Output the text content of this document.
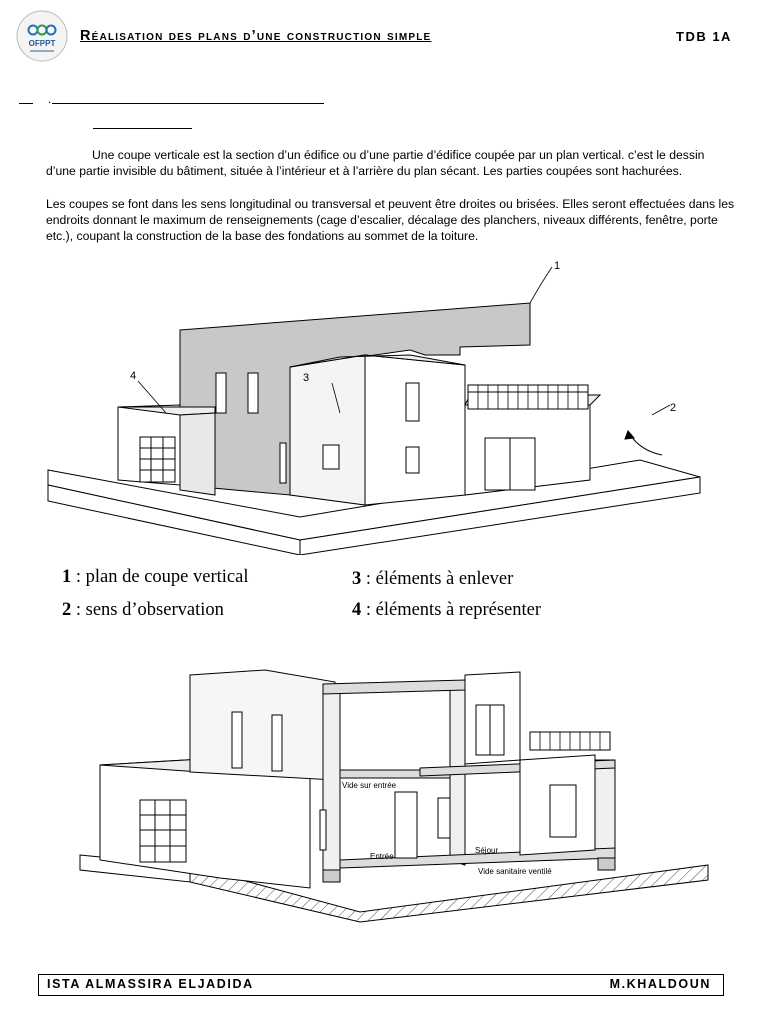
OFPPT Réalisation des plans d’une construction simple	TDB 1A
.
Une coupe verticale est la section d’un édifice ou d’une partie d’édifice coupée par un plan vertical. c’est le dessin d’une partie invisible du bâtiment, située à l’intérieur et à l’arrière du plan sécant. Les parties coupées sont hachurées.
Les coupes se font dans les sens longitudinal ou transversal et peuvent être droites ou brisées. Elles seront effectuées dans les endroits donnant le maximum de renseignements (cage d’escalier, décalage des planchers, niveaux différents, fenêtre, porte etc.), coupant la construction de la base des fondations au sommet de la toiture.
1
2
3
4
1 : plan de coupe vertical
2 : sens d’observation
3 : éléments à enlever
4 : éléments à représenter
Vide sur entrée
Entrée
Séjour
Vide sanitaire ventilé
ISTA ALMASSIRA ELJADIDA	M.KHALDOUN
